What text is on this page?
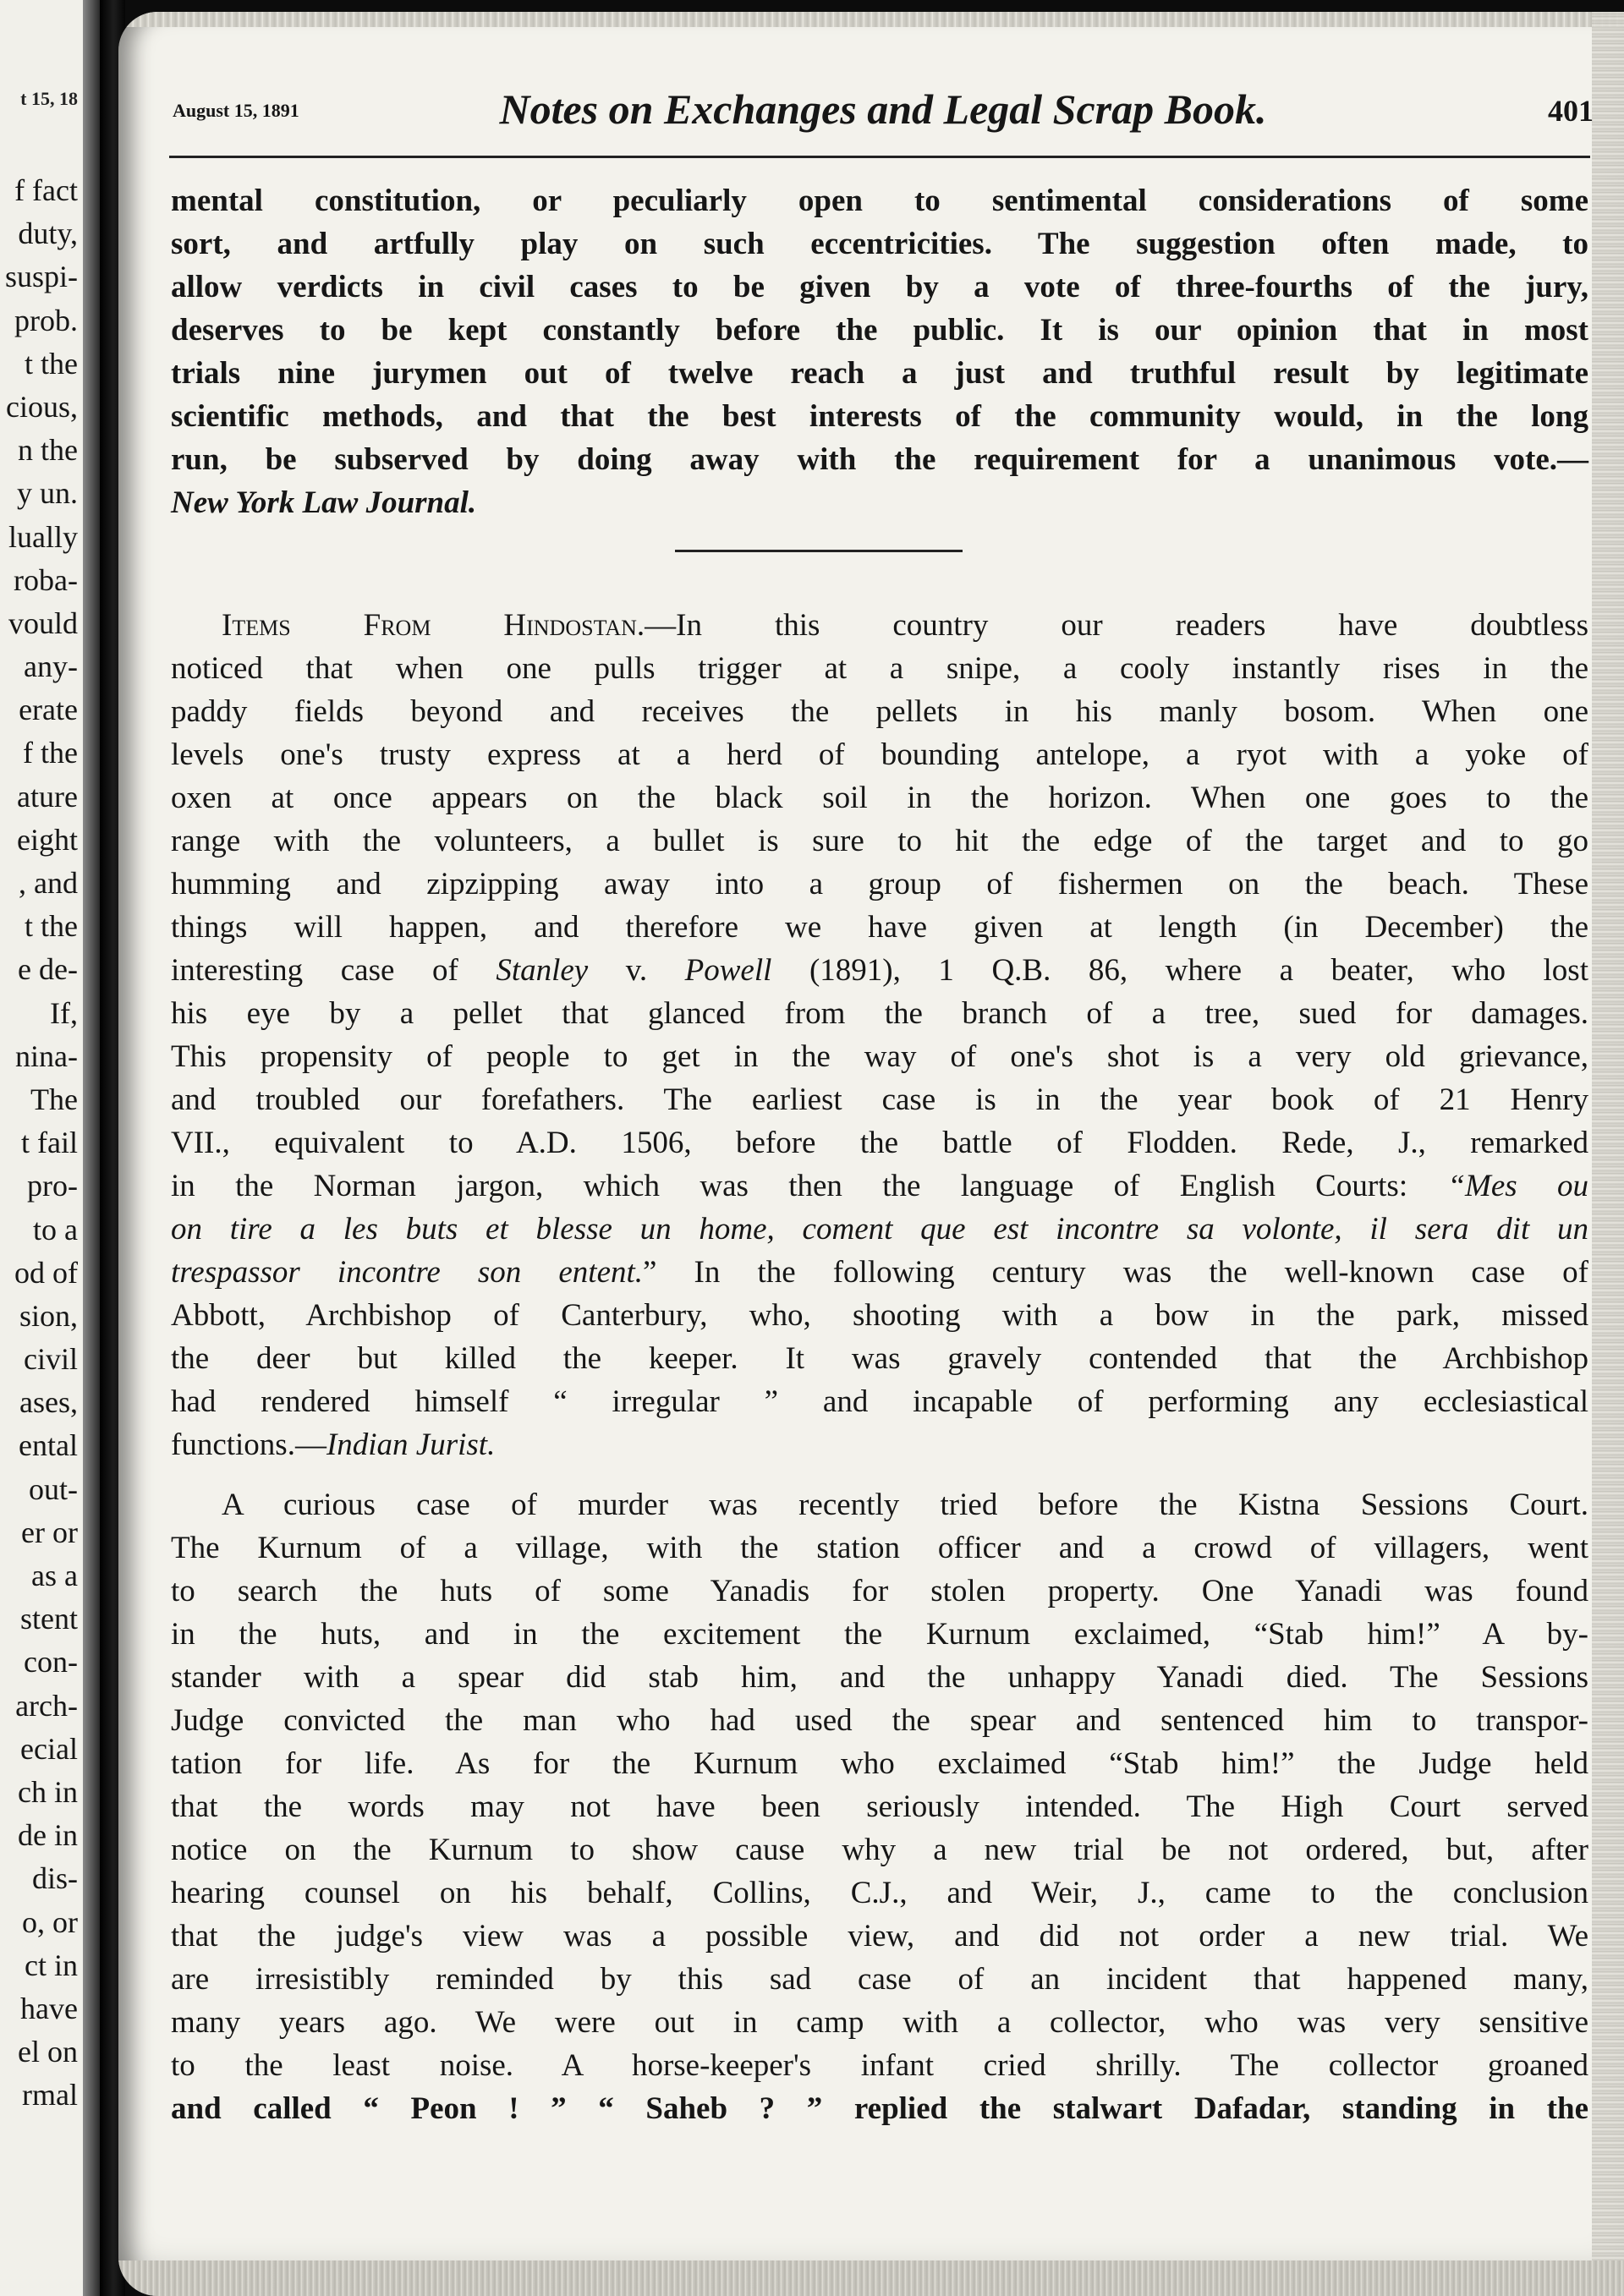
t 15, 18
f fact
duty,
suspi-
prob.
t the
cious,
n the
y un.
lually
roba-
vould
any-
erate
f the
ature
eight
, and
t the
e de-
If,
nina-
The
t fail
pro-
to a
od of
sion,
civil
ases,
ental
out-
er or
as a
stent
con-
arch-
ecial
ch in
de in
dis-
o, or
ct in
have
el on
rmal
August 15, 1891	Notes on Exchanges and Legal Scrap Book.	401
mental constitution, or peculiarly open to sentimental considerations of some
sort, and artfully play on such eccentricities. The suggestion often made, to
allow verdicts in civil cases to be given by a vote of three-fourths of the jury,
deserves to be kept constantly before the public. It is our opinion that in most
trials nine jurymen out of twelve reach a just and truthful result by legitimate
scientific methods, and that the best interests of the community would, in the long
run, be subserved by doing away with the requirement for a unanimous vote.—
New York Law Journal.
Items From Hindostan.—In this country our readers have doubtless
noticed that when one pulls trigger at a snipe, a cooly instantly rises in the
paddy fields beyond and receives the pellets in his manly bosom. When one
levels one's trusty express at a herd of bounding antelope, a ryot with a yoke of
oxen at once appears on the black soil in the horizon. When one goes to the
range with the volunteers, a bullet is sure to hit the edge of the target and to go
humming and zipzipping away into a group of fishermen on the beach. These
things will happen, and therefore we have given at length (in December) the
interesting case of Stanley v. Powell (1891), 1 Q.B. 86, where a beater, who lost
his eye by a pellet that glanced from the branch of a tree, sued for damages.
This propensity of people to get in the way of one's shot is a very old grievance,
and troubled our forefathers. The earliest case is in the year book of 21 Henry
VII., equivalent to A.D. 1506, before the battle of Flodden. Rede, J., remarked
in the Norman jargon, which was then the language of English Courts: “Mes ou
on tire a les buts et blesse un home, coment que est incontre sa volonte, il sera dit un
trespassor incontre son entent.” In the following century was the well-known case of
Abbott, Archbishop of Canterbury, who, shooting with a bow in the park, missed
the deer but killed the keeper. It was gravely contended that the Archbishop
had rendered himself “ irregular ” and incapable of performing any ecclesiastical
functions.—Indian Jurist.
A curious case of murder was recently tried before the Kistna Sessions Court.
The Kurnum of a village, with the station officer and a crowd of villagers, went
to search the huts of some Yanadis for stolen property. One Yanadi was found
in the huts, and in the excitement the Kurnum exclaimed, “Stab him!” A by-
stander with a spear did stab him, and the unhappy Yanadi died. The Sessions
Judge convicted the man who had used the spear and sentenced him to transpor-
tation for life. As for the Kurnum who exclaimed “Stab him!” the Judge held
that the words may not have been seriously intended. The High Court served
notice on the Kurnum to show cause why a new trial be not ordered, but, after
hearing counsel on his behalf, Collins, C.J., and Weir, J., came to the conclusion
that the judge's view was a possible view, and did not order a new trial. We
are irresistibly reminded by this sad case of an incident that happened many,
many years ago. We were out in camp with a collector, who was very sensitive
to the least noise. A horse-keeper's infant cried shrilly. The collector groaned
and called “ Peon ! ” “ Saheb ? ” replied the stalwart Dafadar, standing in the
